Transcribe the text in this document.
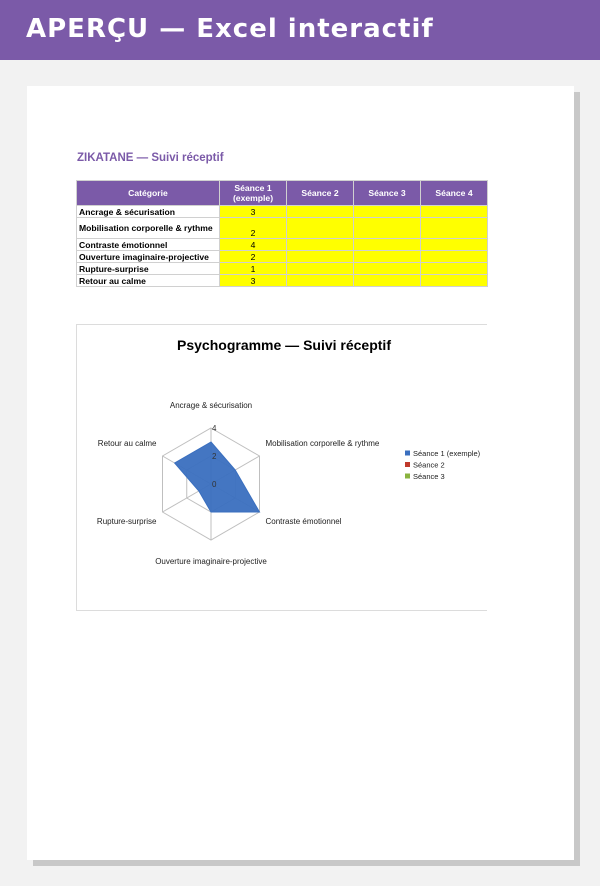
APERÇU — Excel interactif
ZIKATANE — Suivi réceptif
Catégorie	Séance 1 (exemple)	Séance 2	Séance 3	Séance 4
Ancrage & sécurisation	3			
Mobilisation corporelle & rythme	2			
Contraste émotionnel	4			
Ouverture imaginaire-projective	2			
Rupture-surprise	1			
Retour au calme	3			
Psychogramme — Suivi réceptif
0
2
4
Ancrage & sécurisation
Mobilisation corporelle & rythme
Contraste émotionnel
Ouverture imaginaire-projective
Rupture-surprise
Retour au calme
Séance 1 (exemple)
Séance 2
Séance 3
